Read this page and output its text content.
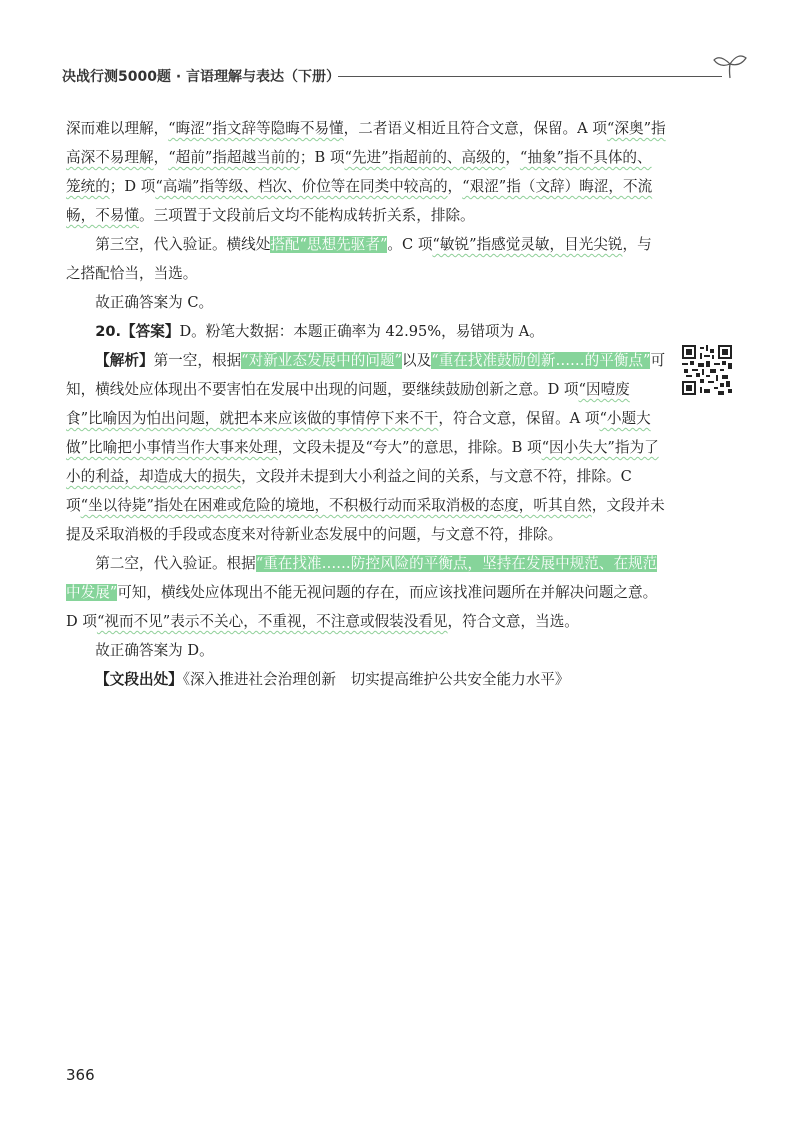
决战行测5000题 · 言语理解与表达（下册）

深而难以理解，“晦涩”指文辞等隐晦不易懂，二者语义相近且符合文意，保留。A 项“深奥”指高深不易理解，“超前”指超越当前的；B 项“先进”指超前的、高级的，“抽象”指不具体的、笼统的；D 项“高端”指等级、档次、价位等在同类中较高的，“艰涩”指（文辞）晦涩，不流畅，不易懂。三项置于文段前后文均不能构成转折关系，排除。

第三空，代入验证。横线处搭配“思想先驱者”。C 项“敏锐”指感觉灵敏，目光尖锐，与之搭配恰当，当选。

故正确答案为 C。

20.【答案】D。粉笔大数据：本题正确率为 42.95%，易错项为 A。

【解析】第一空，根据“对新业态发展中的问题”以及“重在找准鼓励创新……的平衡点”可知，横线处应体现出不要害怕在发展中出现的问题，要继续鼓励创新之意。D 项“因噎废食”比喻因为怕出问题，就把本来应该做的事情停下来不干，符合文意，保留。A 项“小题大做”比喻把小事情当作大事来处理，文段未提及“夸大”的意思，排除。B 项“因小失大”指为了小的利益，却造成大的损失，文段并未提到大小利益之间的关系，与文意不符，排除。C 项“坐以待毙”指处在困难或危险的境地，不积极行动而采取消极的态度，听其自然，文段并未提及采取消极的手段或态度来对待新业态发展中的问题，与文意不符，排除。

第二空，代入验证。根据“重在找准……防控风险的平衡点，坚持在发展中规范、在规范中发展”可知，横线处应体现出不能无视问题的存在，而应该找准问题所在并解决问题之意。D 项“视而不见”表示不关心，不重视，不注意或假装没看见，符合文意，当选。

故正确答案为 D。

【文段出处】《深入推进社会治理创新　切实提高维护公共安全能力水平》

366
